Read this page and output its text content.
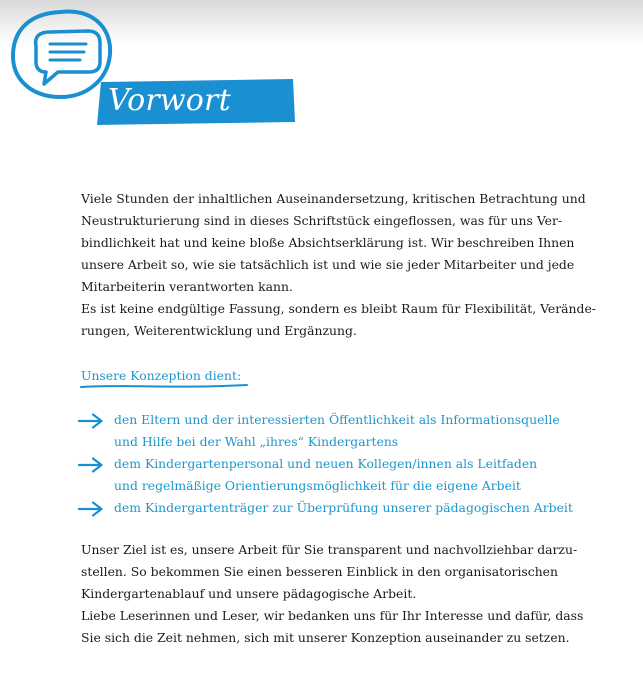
Vorwort
Viele Stunden der inhaltlichen Auseinandersetzung, kritischen Betrachtung und
Neustrukturierung sind in dieses Schriftstück eingeflossen, was für uns Ver-
bindlichkeit hat und keine bloße Absichtserklärung ist. Wir beschreiben Ihnen
unsere Arbeit so, wie sie tatsächlich ist und wie sie jeder Mitarbeiter und jede
Mitarbeiterin verantworten kann.
Es ist keine endgültige Fassung, sondern es bleibt Raum für Flexibilität, Verände-
rungen, Weiterentwicklung und Ergänzung.
Unsere Konzeption dient:
den Eltern und der interessierten Öffentlichkeit als Informationsquelle
und Hilfe bei der Wahl „ihres“ Kindergartens
dem Kindergartenpersonal und neuen Kollegen/innen als Leitfaden
und regelmäßige Orientierungsmöglichkeit für die eigene Arbeit
dem Kindergartenträger zur Überprüfung unserer pädagogischen Arbeit
Unser Ziel ist es, unsere Arbeit für Sie transparent und nachvollziehbar darzu-
stellen. So bekommen Sie einen besseren Einblick in den organisatorischen
Kindergartenablauf und unsere pädagogische Arbeit.
Liebe Leserinnen und Leser, wir bedanken uns für Ihr Interesse und dafür, dass
Sie sich die Zeit nehmen, sich mit unserer Konzeption auseinander zu setzen.
